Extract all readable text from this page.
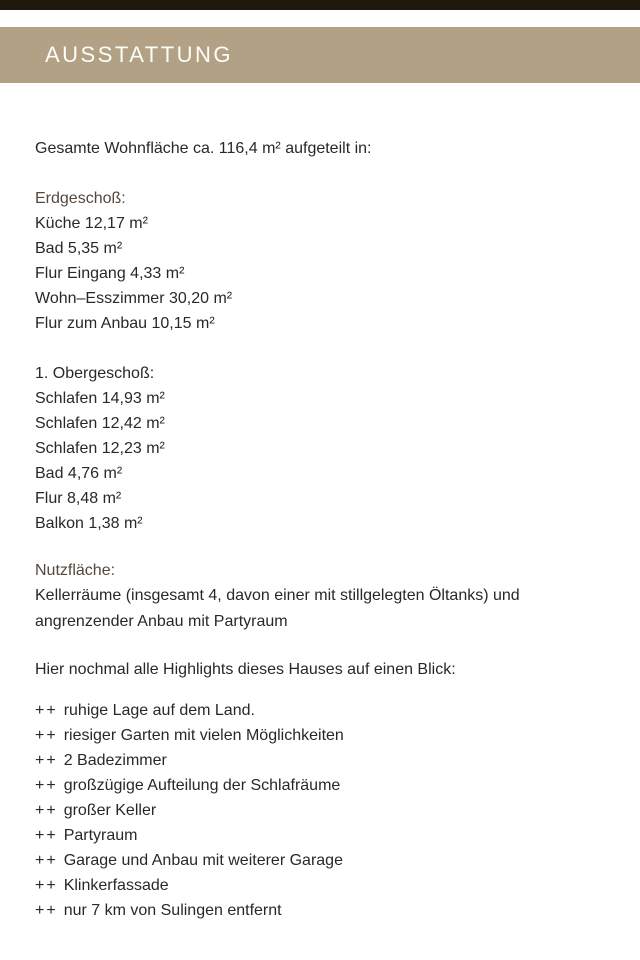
AUSSTATTUNG

Gesamte Wohnfläche ca. 116,4 m² aufgeteilt in:

Erdgeschoß:
Küche 12,17 m²
Bad 5,35 m²
Flur Eingang 4,33 m²
Wohn–Esszimmer 30,20 m²
Flur zum Anbau 10,15 m²
1. Obergeschoß:
Schlafen 14,93 m²
Schlafen 12,42 m²
Schlafen 12,23 m²
Bad 4,76 m²
Flur 8,48 m²
Balkon 1,38 m²
Nutzfläche:

Kellerräume (insgesamt 4, davon einer mit stillgelegten Öltanks) und angrenzender Anbau mit Partyraum

Hier nochmal alle Highlights dieses Hauses auf einen Blick:

++ ruhige Lage auf dem Land.
++ riesiger Garten mit vielen Möglichkeiten
++ 2 Badezimmer
++ großzügige Aufteilung der Schlafräume
++ großer Keller
++ Partyraum
++ Garage und Anbau mit weiterer Garage
++ Klinkerfassade
++ nur 7 km von Sulingen entfernt
